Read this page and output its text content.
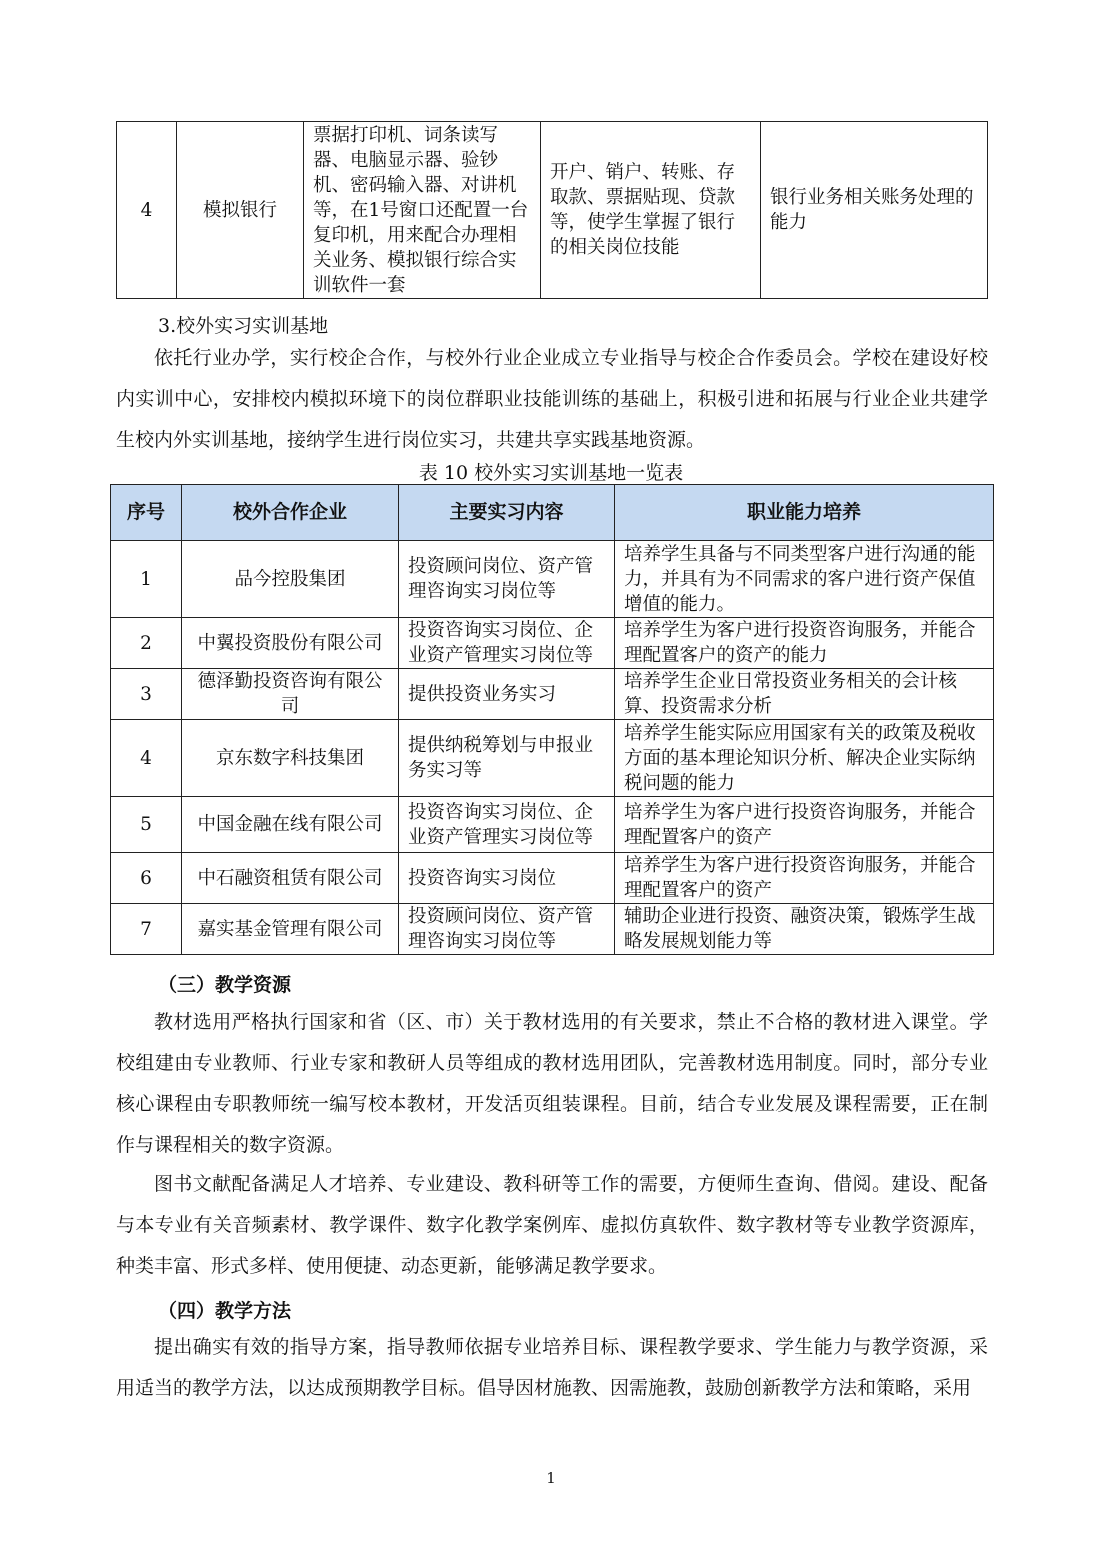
4	模拟银行	票据打印机、词条读写器、电脑显示器、验钞机、密码输入器、对讲机等，在1号窗口还配置一台复印机，用来配合办理相关业务、模拟银行综合实训软件一套	开户、销户、转账、存取款、票据贴现、贷款等，使学生掌握了银行的相关岗位技能	银行业务相关账务处理的能力
3.校外实习实训基地
依托行业办学，实行校企合作，与校外行业企业成立专业指导与校企合作委员会。学校在建设好校内实训中心，安排校内模拟环境下的岗位群职业技能训练的基础上，积极引进和拓展与行业企业共建学生校内外实训基地，接纳学生进行岗位实习，共建共享实践基地资源。
表 10 校外实习实训基地一览表
序号	校外合作企业	主要实习内容	职业能力培养
1	品今控股集团	投资顾问岗位、资产管理咨询实习岗位等	培养学生具备与不同类型客户进行沟通的能力，并具有为不同需求的客户进行资产保值增值的能力。
2	中翼投资股份有限公司	投资咨询实习岗位、企业资产管理实习岗位等	培养学生为客户进行投资咨询服务，并能合理配置客户的资产的能力
3	德泽勤投资咨询有限公司	提供投资业务实习	培养学生企业日常投资业务相关的会计核算、投资需求分析
4	京东数字科技集团	提供纳税筹划与申报业务实习等	培养学生能实际应用国家有关的政策及税收方面的基本理论知识分析、解决企业实际纳税问题的能力
5	中国金融在线有限公司	投资咨询实习岗位、企业资产管理实习岗位等	培养学生为客户进行投资咨询服务，并能合理配置客户的资产
6	中石融资租赁有限公司	投资咨询实习岗位	培养学生为客户进行投资咨询服务，并能合理配置客户的资产
7	嘉实基金管理有限公司	投资顾问岗位、资产管理咨询实习岗位等	辅助企业进行投资、融资决策，锻炼学生战略发展规划能力等
（三）教学资源
教材选用严格执行国家和省（区、市）关于教材选用的有关要求，禁止不合格的教材进入课堂。学校组建由专业教师、行业专家和教研人员等组成的教材选用团队，完善教材选用制度。同时，部分专业核心课程由专职教师统一编写校本教材，开发活页组装课程。目前，结合专业发展及课程需要，正在制作与课程相关的数字资源。
图书文献配备满足人才培养、专业建设、教科研等工作的需要，方便师生查询、借阅。建设、配备与本专业有关音频素材、教学课件、数字化教学案例库、虚拟仿真软件、数字教材等专业教学资源库，种类丰富、形式多样、使用便捷、动态更新，能够满足教学要求。
（四）教学方法
提出确实有效的指导方案，指导教师依据专业培养目标、课程教学要求、学生能力与教学资源，采用适当的教学方法，以达成预期教学目标。倡导因材施教、因需施教，鼓励创新教学方法和策略，采用
1
